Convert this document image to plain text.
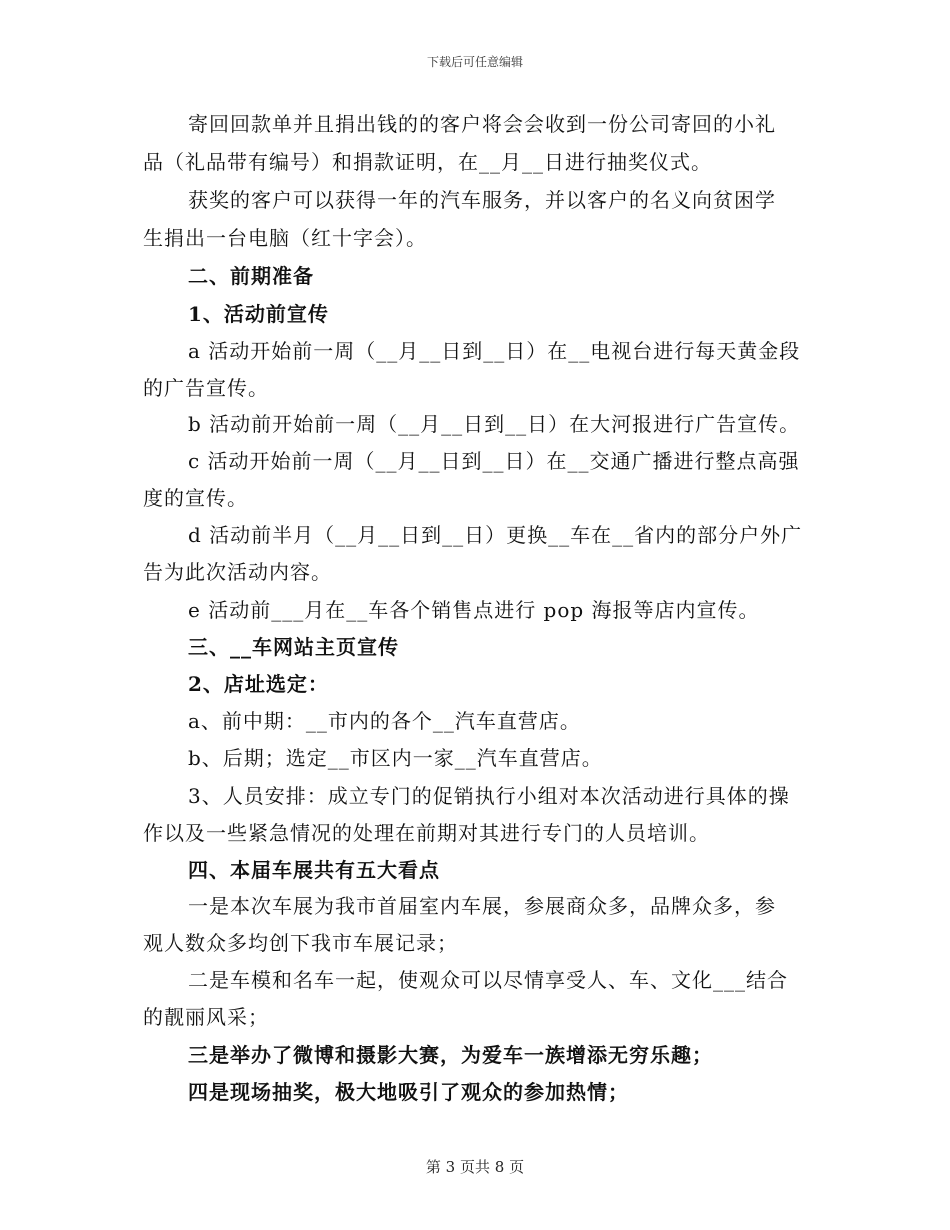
下载后可任意编辑
寄回回款单并且捐出钱的的客户将会会收到一份公司寄回的小礼
品（礼品带有编号）和捐款证明，在__月__日进行抽奖仪式。
获奖的客户可以获得一年的汽车服务，并以客户的名义向贫困学
生捐出一台电脑（红十字会）。
二、前期准备
1、活动前宣传
a 活动开始前一周（__月__日到__日）在__电视台进行每天黄金段
的广告宣传。
b 活动前开始前一周（__月__日到__日）在大河报进行广告宣传。
c 活动开始前一周（__月__日到__日）在__交通广播进行整点高强
度的宣传。
d 活动前半月（__月__日到__日）更换__车在__省内的部分户外广
告为此次活动内容。
e 活动前___月在__车各个销售点进行 pop 海报等店内宣传。
三、__车网站主页宣传
2、店址选定：
a、前中期：__市内的各个__汽车直营店。
b、后期；选定__市区内一家__汽车直营店。
3、人员安排：成立专门的促销执行小组对本次活动进行具体的操
作以及一些紧急情况的处理在前期对其进行专门的人员培训。
四、本届车展共有五大看点
一是本次车展为我市首届室内车展，参展商众多，品牌众多，参
观人数众多均创下我市车展记录；
二是车模和名车一起，使观众可以尽情享受人、车、文化___结合
的靓丽风采；
三是举办了微博和摄影大赛，为爱车一族增添无穷乐趣；
四是现场抽奖，极大地吸引了观众的参加热情；
第 3 页共 8 页
